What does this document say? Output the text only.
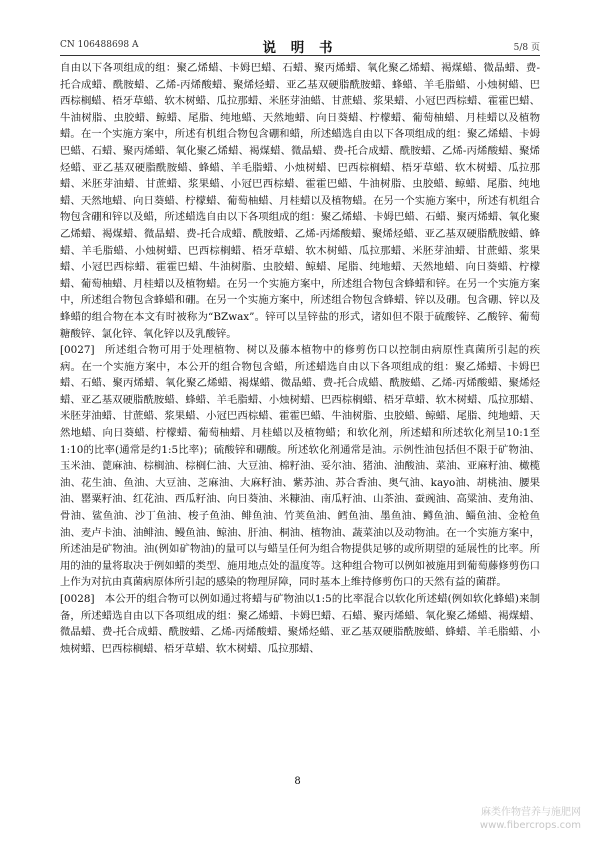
CN 106488698 A	说 明 书	5/8 页

自由以下各项组成的组：聚乙烯蜡、卡姆巴蜡、石蜡、聚丙烯蜡、氧化聚乙烯蜡、褐煤蜡、微晶蜡、费-托合成蜡、酰胺蜡、乙烯-丙烯酸蜡、聚烯烃蜡、亚乙基双硬脂酰胺蜡、蜂蜡、羊毛脂蜡、小烛树蜡、巴西棕榈蜡、梧牙草蜡、软木树蜡、瓜拉那蜡、米胚芽油蜡、甘蔗蜡、浆果蜡、小冠巴西棕蜡、霍霍巴蜡、牛油树脂、虫胶蜡、鲸蜡、尾脂、纯地蜡、天然地蜡、向日葵蜡、柠檬蜡、葡萄柚蜡、月桂蜡以及植物蜡。在一个实施方案中，所述有机组合物包含硼和蜡，所述蜡选自由以下各项组成的组：聚乙烯蜡、卡姆巴蜡、石蜡、聚丙烯蜡、氧化聚乙烯蜡、褐煤蜡、微晶蜡、费-托合成蜡、酰胺蜡、乙烯-丙烯酸蜡、聚烯烃蜡、亚乙基双硬脂酰胺蜡、蜂蜡、羊毛脂蜡、小烛树蜡、巴西棕榈蜡、梧牙草蜡、软木树蜡、瓜拉那蜡、米胚芽油蜡、甘蔗蜡、浆果蜡、小冠巴西棕蜡、霍霍巴蜡、牛油树脂、虫胶蜡、鲸蜡、尾脂、纯地蜡、天然地蜡、向日葵蜡、柠檬蜡、葡萄柚蜡、月桂蜡以及植物蜡。在另一个实施方案中，所述有机组合物包含硼和锌以及蜡，所述蜡选自由以下各项组成的组：聚乙烯蜡、卡姆巴蜡、石蜡、聚丙烯蜡、氧化聚乙烯蜡、褐煤蜡、微晶蜡、费-托合成蜡、酰胺蜡、乙烯-丙烯酸蜡、聚烯烃蜡、亚乙基双硬脂酰胺蜡、蜂蜡、羊毛脂蜡、小烛树蜡、巴西棕榈蜡、梧牙草蜡、软木树蜡、瓜拉那蜡、米胚芽油蜡、甘蔗蜡、浆果蜡、小冠巴西棕蜡、霍霍巴蜡、牛油树脂、虫胶蜡、鲸蜡、尾脂、纯地蜡、天然地蜡、向日葵蜡、柠檬蜡、葡萄柚蜡、月桂蜡以及植物蜡。在另一个实施方案中，所述组合物包含蜂蜡和锌。在另一个实施方案中，所述组合物包含蜂蜡和硼。在另一个实施方案中，所述组合物包含蜂蜡、锌以及硼。包含硼、锌以及蜂蜡的组合物在本文有时被称为“BZwax”。锌可以呈锌盐的形式，诸如但不限于硫酸锌、乙酸锌、葡萄糖酸锌、氯化锌、氧化锌以及乳酸锌。

[0027] 所述组合物可用于处理植物、树以及藤本植物中的修剪伤口以控制由病原性真菌所引起的疾病。在一个实施方案中，本公开的组合物包含蜡，所述蜡选自由以下各项组成的组：聚乙烯蜡、卡姆巴蜡、石蜡、聚丙烯蜡、氧化聚乙烯蜡、褐煤蜡、微晶蜡、费-托合成蜡、酰胺蜡、乙烯-丙烯酸蜡、聚烯烃蜡、亚乙基双硬脂酰胺蜡、蜂蜡、羊毛脂蜡、小烛树蜡、巴西棕榈蜡、梧牙草蜡、软木树蜡、瓜拉那蜡、米胚芽油蜡、甘蔗蜡、浆果蜡、小冠巴西棕蜡、霍霍巴蜡、牛油树脂、虫胶蜡、鲸蜡、尾脂、纯地蜡、天然地蜡、向日葵蜡、柠檬蜡、葡萄柚蜡、月桂蜡以及植物蜡；和软化剂，所述蜡和所述软化剂呈10:1至1:10的比率(通常是约1:5比率)；硫酸锌和硼酸。所述软化剂通常是油。示例性油包括但不限于矿物油、玉米油、蓖麻油、棕榈油、棕榈仁油、大豆油、棉籽油、妥尔油、猪油、油酸油、菜油、亚麻籽油、橄榄油、花生油、鱼油、大豆油、芝麻油、大麻籽油、紫苏油、苏合香油、奥气油、kayo油、胡桃油、腰果油、罂粟籽油、红花油、西瓜籽油、向日葵油、米糠油、南瓜籽油、山茶油、蚕豌油、高粱油、麦角油、骨油、鲨鱼油、沙丁鱼油、梭子鱼油、鲱鱼油、竹荚鱼油、鳕鱼油、墨鱼油、鳟鱼油、鲻鱼油、金枪鱼油、麦卢卡油、油鲱油、鳗鱼油、鲸油、肝油、桐油、植物油、蔬菜油以及动物油。在一个实施方案中，所述油是矿物油。油(例如矿物油)的量可以与蜡呈任何为组合物提供足够的或所期望的延展性的比率。所用的油的量将取决于例如蜡的类型、施用地点处的温度等。这种组合物可以例如被施用到葡萄藤修剪伤口上作为对抗由真菌病原体所引起的感染的物理屏障，同时基本上维持修剪伤口的天然有益的菌群。

[0028] 本公开的组合物可以例如通过将蜡与矿物油以1:5的比率混合以软化所述蜡(例如软化蜂蜡)来制备，所述蜡选自由以下各项组成的组：聚乙烯蜡、卡姆巴蜡、石蜡、聚丙烯蜡、氧化聚乙烯蜡、褐煤蜡、微晶蜡、费-托合成蜡、酰胺蜡、乙烯-丙烯酸蜡、聚烯烃蜡、亚乙基双硬脂酰胺蜡、蜂蜡、羊毛脂蜡、小烛树蜡、巴西棕榈蜡、梧牙草蜡、软木树蜡、瓜拉那蜡、

8
麻类作物营养与施肥网
www.fibercrops.com
